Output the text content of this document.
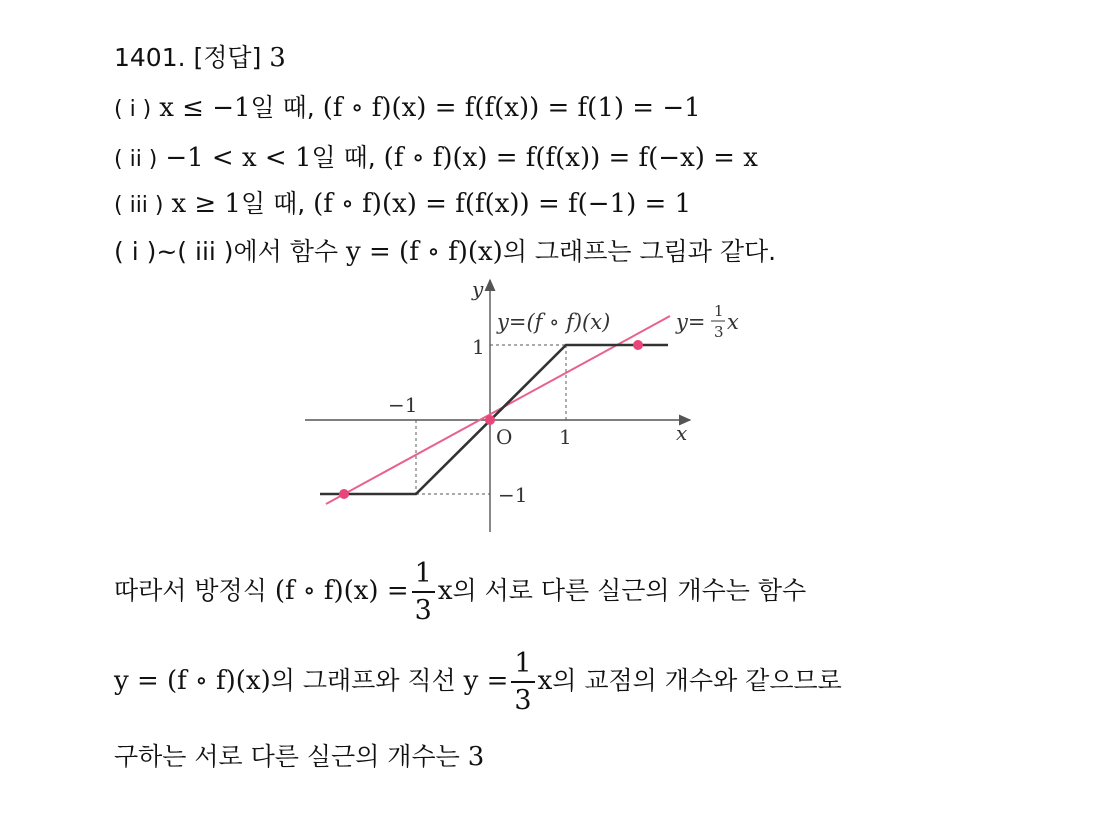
1401. [정답] 3
( i ) x ≤ −1일 때, (f ∘ f)(x) = f(f(x)) = f(1) = −1
( ii ) −1 < x < 1일 때, (f ∘ f)(x) = f(f(x)) = f(−x) = x
( iii ) x ≥ 1일 때, (f ∘ f)(x) = f(f(x)) = f(−1) = 1
( i )~( iii )에서 함수 y = (f ∘ f)(x)의 그래프는 그림과 같다.
y
x
O
1
−1
1
−1
y=(f ∘ f)(x)	y= 1
3 x
따라서 방정식 (f ∘ $f)(x) = \frac{1}{3}$ x의 서로 다른 실근의 개수는 함수
y = (f ∘ f)(x)의 그래프와 직선 $y = \frac{1}{3}$ x의 교점의 개수와 같으므로
구하는 서로 다른 실근의 개수는 3
